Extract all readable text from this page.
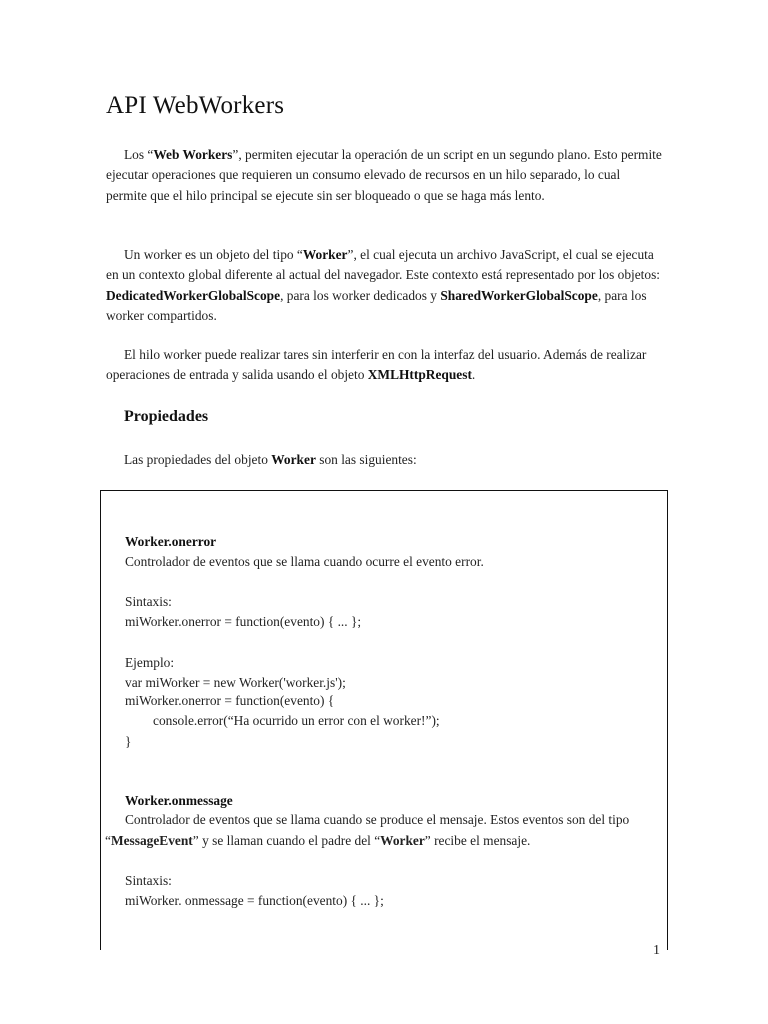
API WebWorkers

Los “Web Workers”, permiten ejecutar la operación de un script en un segundo plano. Esto permite ejecutar operaciones que requieren un consumo elevado de recursos en un hilo separado, lo cual permite que el hilo principal se ejecute sin ser bloqueado o que se haga más lento.

Un worker es un objeto del tipo “Worker”, el cual ejecuta un archivo JavaScript, el cual se ejecuta en un contexto global diferente al actual del navegador. Este contexto está representado por los objetos: DedicatedWorkerGlobalScope, para los worker dedicados y SharedWorkerGlobalScope, para los worker compartidos.

El hilo worker puede realizar tares sin interferir en con la interfaz del usuario. Además de realizar operaciones de entrada y salida usando el objeto XMLHttpRequest.

Propiedades

Las propiedades del objeto Worker son las siguientes:

Worker.onerror

Controlador de eventos que se llama cuando ocurre el evento error.

Sintaxis:

miWorker.onerror = function(evento) { ... };

Ejemplo:

var miWorker = new Worker('worker.js');

miWorker.onerror = function(evento) {

console.error(“Ha ocurrido un error con el worker!”);

}

Worker.onmessage

Controlador de eventos que se llama cuando se produce el mensaje. Estos eventos son del tipo “MessageEvent” y se llaman cuando el padre del “Worker” recibe el mensaje.

Sintaxis:

miWorker. onmessage = function(evento) { ... };

1
